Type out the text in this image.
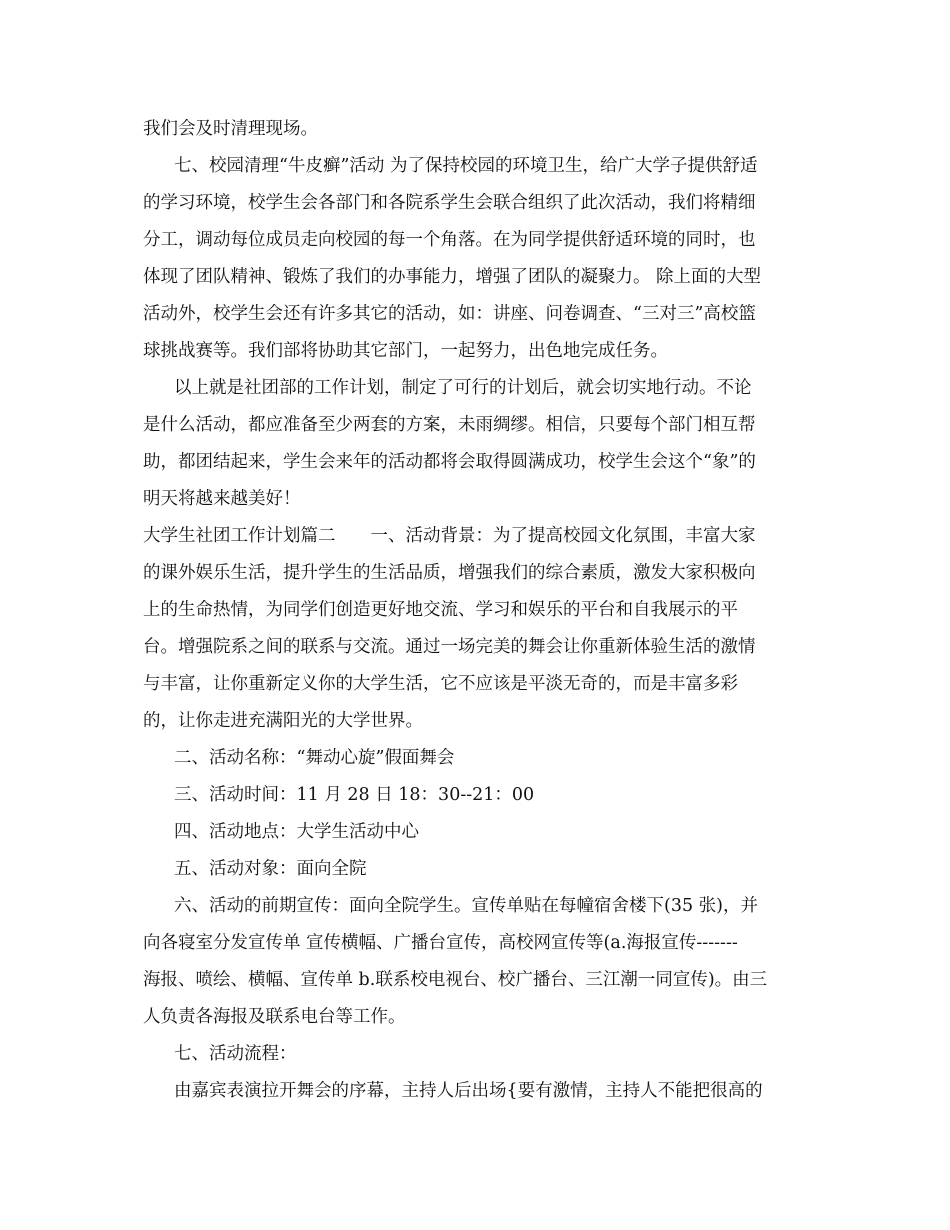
我们会及时清理现场。
七、校园清理“牛皮癣”活动 为了保持校园的环境卫生，给广大学子提供舒适
的学习环境，校学生会各部门和各院系学生会联合组织了此次活动，我们将精细
分工，调动每位成员走向校园的每一个角落。在为同学提供舒适环境的同时，也
体现了团队精神、锻炼了我们的办事能力，增强了团队的凝聚力。 除上面的大型
活动外，校学生会还有许多其它的活动，如：讲座、问卷调查、“三对三”高校篮
球挑战赛等。我们部将协助其它部门，一起努力，出色地完成任务。
以上就是社团部的工作计划，制定了可行的计划后，就会切实地行动。不论
是什么活动，都应准备至少两套的方案，未雨绸缪。相信，只要每个部门相互帮
助，都团结起来，学生会来年的活动都将会取得圆满成功，校学生会这个“象”的
明天将越来越美好！
大学生社团工作计划篇二　　一、活动背景：为了提高校园文化氛围，丰富大家
的课外娱乐生活，提升学生的生活品质，增强我们的综合素质，激发大家积极向
上的生命热情，为同学们创造更好地交流、学习和娱乐的平台和自我展示的平
台。增强院系之间的联系与交流。通过一场完美的舞会让你重新体验生活的激情
与丰富，让你重新定义你的大学生活，它不应该是平淡无奇的，而是丰富多彩
的，让你走进充满阳光的大学世界。
二、活动名称：“舞动心旋”假面舞会
三、活动时间：11 月 28 日 18：30--21：00
四、活动地点：大学生活动中心
五、活动对象：面向全院
六、活动的前期宣传：面向全院学生。宣传单贴在每幢宿舍楼下(35 张)，并
向各寝室分发宣传单 宣传横幅、广播台宣传，高校网宣传等(a.海报宣传-------
海报、喷绘、横幅、宣传单 b.联系校电视台、校广播台、三江潮一同宣传)。由三
人负责各海报及联系电台等工作。
七、活动流程：
由嘉宾表演拉开舞会的序幕，主持人后出场{要有激情，主持人不能把很高的
